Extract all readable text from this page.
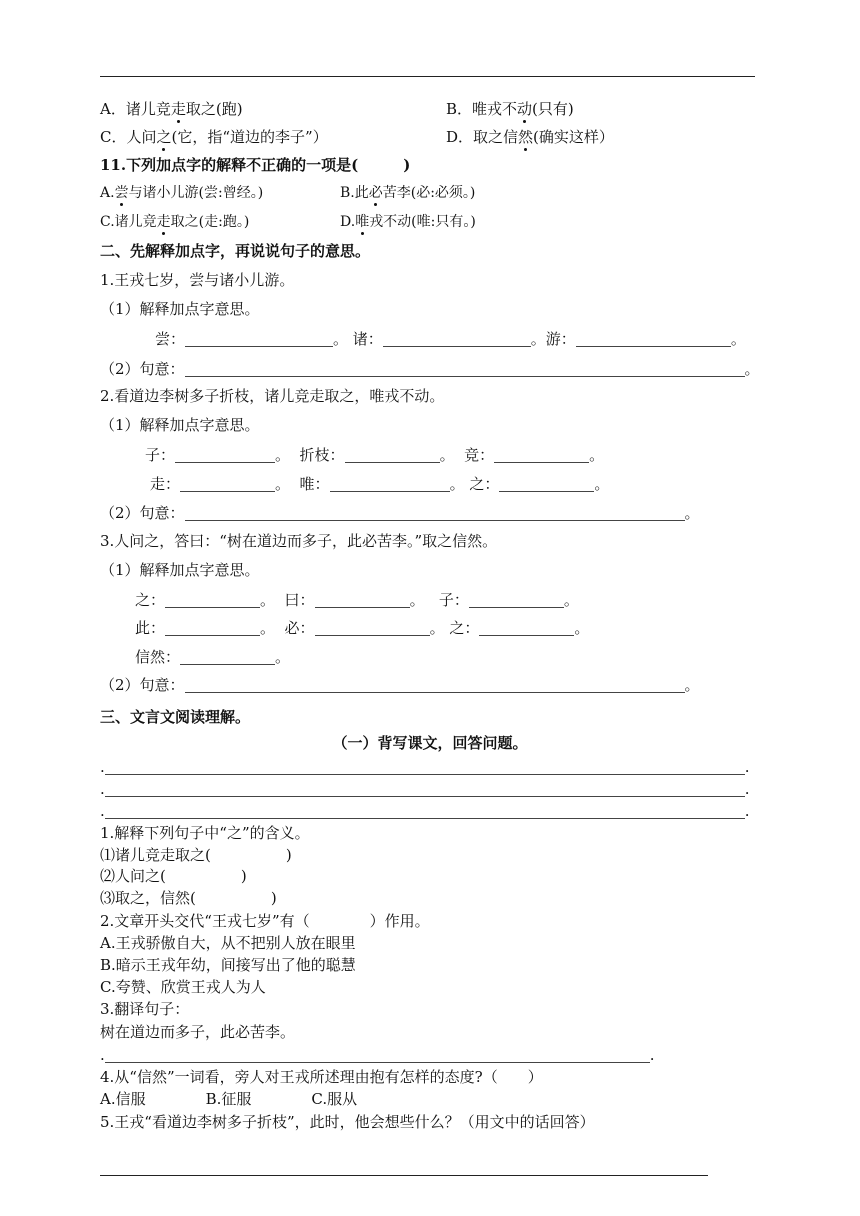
A．诸儿竞走取之(跑)	B．唯戎不动(只有)
C．人问之(它，指“道边的李子”）	D．取之信然(确实这样）
11.下列加点字的解释不正确的一项是(　　　)
A.尝与诸小儿游(尝:曾经。)	B.此必苦李(必:必须。)
C.诸儿竞走取之(走:跑。)	D.唯戎不动(唯:只有。)
二、先解释加点字，再说说句子的意思。
1.王戎七岁，尝与诸小儿游。
（1）解释加点字意思。
尝：	。 诸：	。游：	。
（2）句意：	。
2.看道边李树多子折枝，诸儿竞走取之，唯戎不动。
（1）解释加点字意思。
子：	。  折枝：	。  竞：	。
走：	。  唯：	。 之：	。
（2）句意：	。
3.人问之，答曰：“树在道边而多子，此必苦李。”取之信然。
（1）解释加点字意思。
之：	。  曰：	。   子：	。
此：	。  必：	。 之：	。
信然：	。
（2）句意：	。
三、文言文阅读理解。
（一）背写课文，回答问题。
.	.
.	.
.	.
1.解释下列句子中“之”的含义。
⑴诸儿竞走取之(　　　　　)
⑵人问之(　　　　　)
⑶取之，信然(　　　　　)
2.文章开头交代“王戎七岁”有（　　　　）作用。
A.王戎骄傲自大，从不把别人放在眼里
B.暗示王戎年幼，间接写出了他的聪慧
C.夸赞、欣赏王戎人为人
3.翻译句子：
树在道边而多子，此必苦李。
.	.
4.从“信然”一词看，旁人对王戎所述理由抱有怎样的态度?（　　）
A.信服　　　　B.征服　　　　C.服从
5.王戎“看道边李树多子折枝”，此时，他会想些什么？（用文中的话回答）
